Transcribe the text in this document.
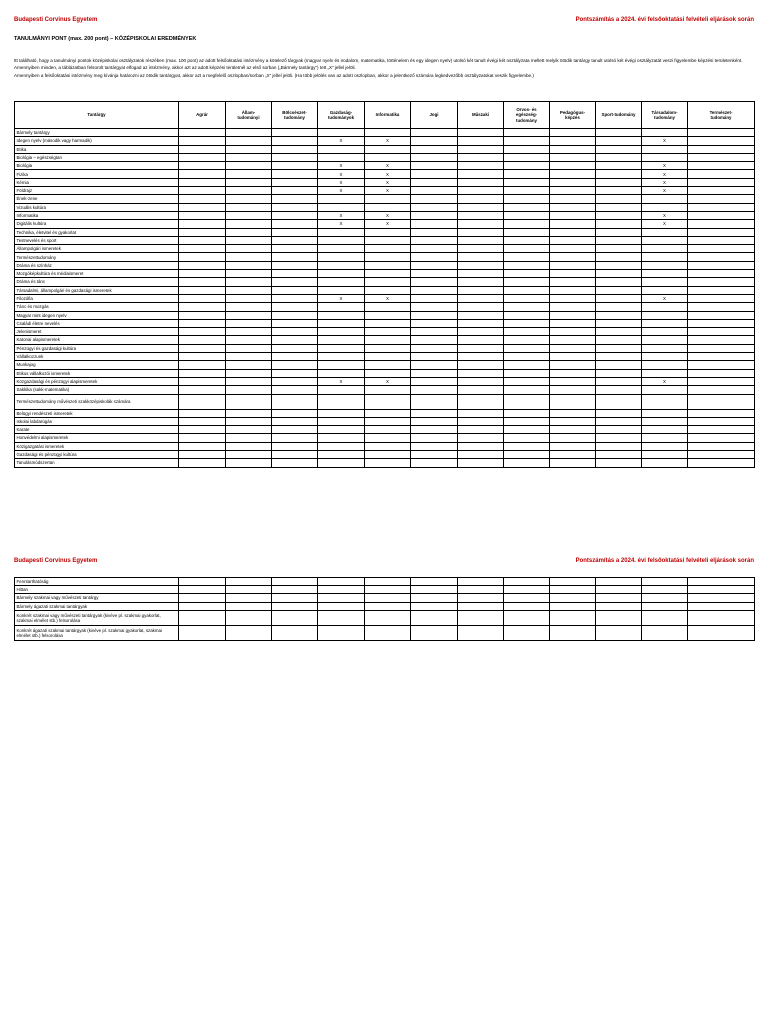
Budapesti Corvinus Egyetem	Pontszámítás a 2024. évi felsőoktatási felvételi eljárások során
TANULMÁNYI PONT (max. 200 pont) – KÖZÉPISKOLAI EREDMÉNYEK

Itt található, hogy a tanulmányi pontok középiskolai osztályzatok részében (max. 100 pont) az adott felsőoktatási intézmény a kötelező tárgyak (magyar nyelv és irodalom, matematika, történelem és egy idegen nyelv) utolsó két tanult évégi két osztályzata mellett melyik ötödik tantárgy tanult utolsó két évégi osztályzatát veszi figyelembe képzési területenként.

Amennyiben minden, a táblázatban felsorolt tantárgyat elfogad az intézmény, akkor azt az adott képzési területnél az első sorban („Bármely tantárgy”) tett „X” jellel jelöli.

Amennyiben a felsőoktatási intézmény meg kívánja határozni az ötödik tantárgyat, akkor azt a megfelelő oszlopban/sorban „X” jellel jelöli. (Ha több jelölés van az adott oszlopban, akkor a jelentkező számára legkedvezőbb osztályzatokat veszik figyelembe.)

Tantárgy	Agrár	Állam-
tudományi	Bölcsészet-
tudomány	Gazdaság-
tudományok	Informatika	Jogi	Műszaki	Orvos- és
egészség-
tudomány	Pedagógus-
képzés	Sport-tudomány	Társadalom-
tudomány	Természet-
tudomány
Bármely tantárgy												
Idegen nyelv (második vagy harmadik)				X	X						X	
Etika												
Biológia – egészségtan												
Biológia				X	X						X	
Fizika				X	X						X	
Kémia				X	X						X	
Földrajz				X	X						X	
Ének-zene												
Vizuális kultúra												
Informatika				X	X						X	
Digitális kultúra				X	X						X	
Technika, életvitel és gyakorlat												
Testnevelés és sport												
Állampolgári ismeretek												
Természettudomány												
Dráma és színház												
Mozgóképkultúra és médiaismeret												
Dráma és tánc												
Társadalmi, állampolgári és gazdasági ismeretek												
Filozófia				X	X						X	
Tánc és mozgás												
Magyar mint idegen nyelv												
Családi életre nevelés												
Jelenismeret												
Katonai alapismeretek												
Pénzügyi és gazdasági kultúra												
Vállalkozzunk												
Munkajog												
Etikus vállalkozói ismeretek												
Közgazdasági és pénzügyi alapismeretek				X	X						X	
Sakkika (sakk-matematika)												
Természettudomány művészeti szakközépiskolák számára												
Belügyi rendészeti ismeretek												
Iskolai labdarúgás												
Karate												
Honvédelmi alapismeretek												
Közigazgatási ismeretek												
Gazdasági és pénzügyi kultúra												
Tanulásmódszertan												
Budapesti Corvinus Egyetem	Pontszámítás a 2024. évi felsőoktatási felvételi eljárások során
Fenntarthatóság												
Hittan												
Bármely szakmai vagy művészeti tantárgy												
Bármely ágazati szakmai tantárgyak												
Konkrét szakmai vagy művészeti tantárgyak (kivéve pl. szakmai gyakorlat, szakmai elmélet stb.) felsorolása												
Konkrét ágazati szakmai tantárgyak (kivéve pl. szakmai gyakorlat, szakmai elmélet stb.) felsorolása												
